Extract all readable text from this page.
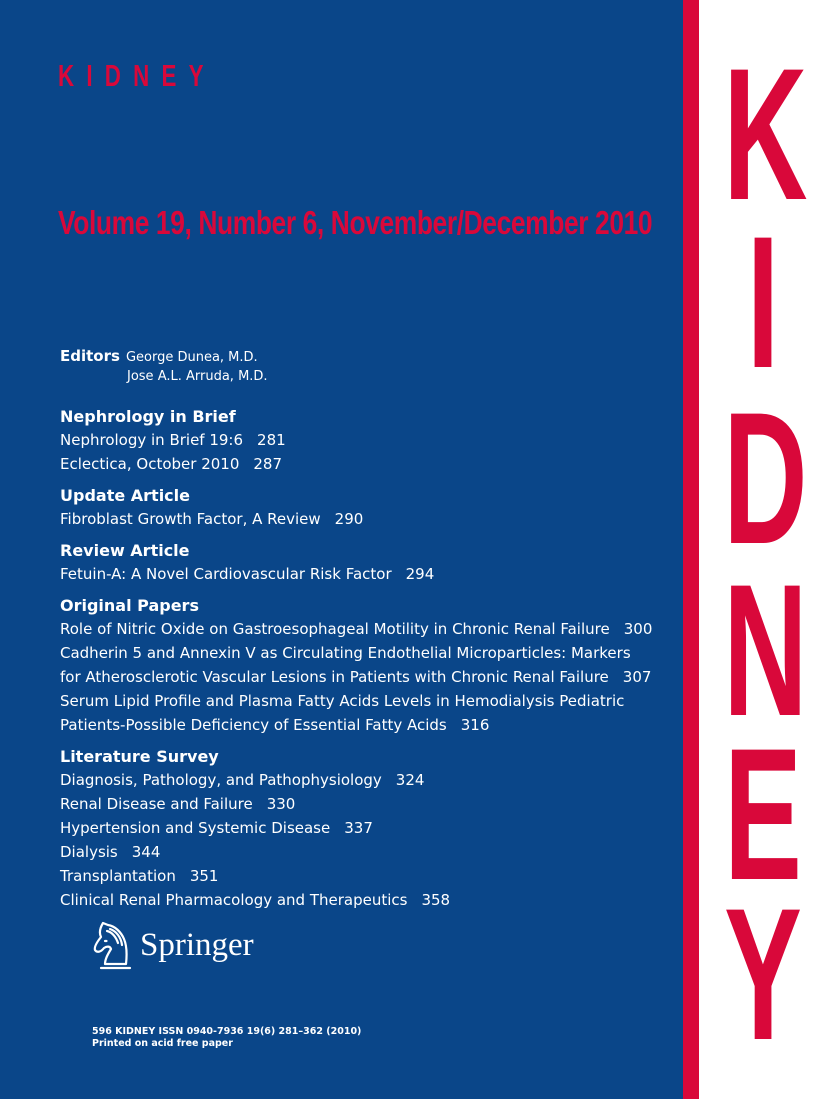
KIDNEY
Volume 19, Number 6, November/December 2010
Editors George Dunea, M.D.
Jose A.L. Arruda, M.D.
Nephrology in Brief
Nephrology in Brief 19:6 281
Eclectica, October 2010 287
Update Article
Fibroblast Growth Factor, A Review 290
Review Article
Fetuin-A: A Novel Cardiovascular Risk Factor 294
Original Papers
Role of Nitric Oxide on Gastroesophageal Motility in Chronic Renal Failure 300
Cadherin 5 and Annexin V as Circulating Endothelial Microparticles: Markers
for Atherosclerotic Vascular Lesions in Patients with Chronic Renal Failure 307
Serum Lipid Profile and Plasma Fatty Acids Levels in Hemodialysis Pediatric
Patients-Possible Deficiency of Essential Fatty Acids 316
Literature Survey
Diagnosis, Pathology, and Pathophysiology 324
Renal Disease and Failure 330
Hypertension and Systemic Disease 337
Dialysis 344
Transplantation 351
Clinical Renal Pharmacology and Therapeutics 358
Springer
596 KIDNEY ISSN 0940-7936 19(6) 281–362 (2010)
Printed on acid free paper
K
I
D
N
E
Y
